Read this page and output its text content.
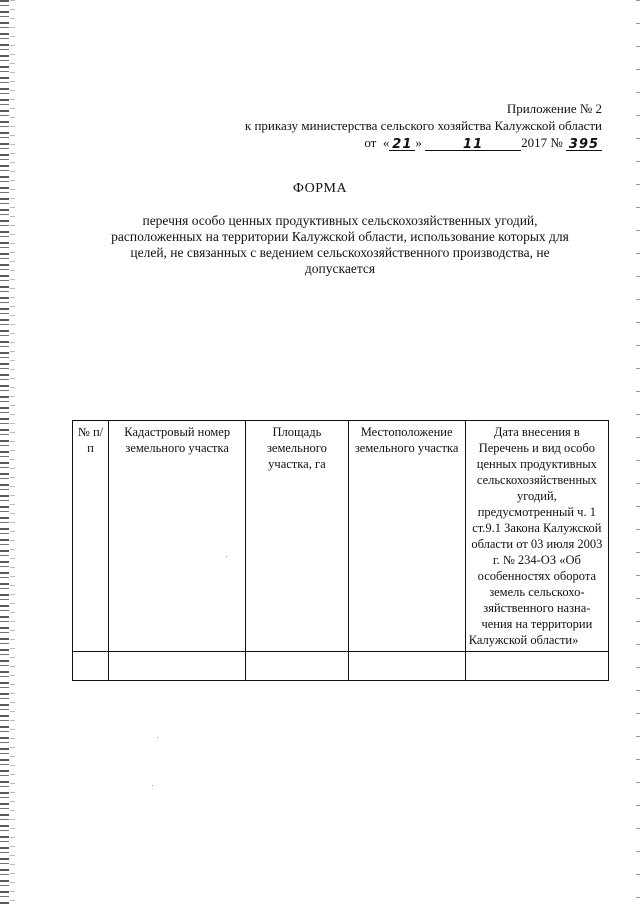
Приложение № 2
к приказу министерства сельского хозяйства Калужской области
от « 21 »	11	2017 № 395
ФОРМА
перечня особо ценных продуктивных сельскохозяйственных угодий, расположенных на территории Калужской области, использование которых для целей, не связанных с ведением сельскохозяйственного производства, не допускается
№ п/п	Кадастровый номер земельного участка	Площадь земельного участка, га	Местоположение земельного участка	Дата внесения в Перечень и вид особо ценных продуктивных сельскохозяйственных угодий, предусмотренный ч. 1 ст.9.1 Закона Калужской области от 03 июля 2003 г. № 234-ОЗ «Об особенностях оборота земель сельскохо-зяйственного назна-чения на территории Калужской области»
